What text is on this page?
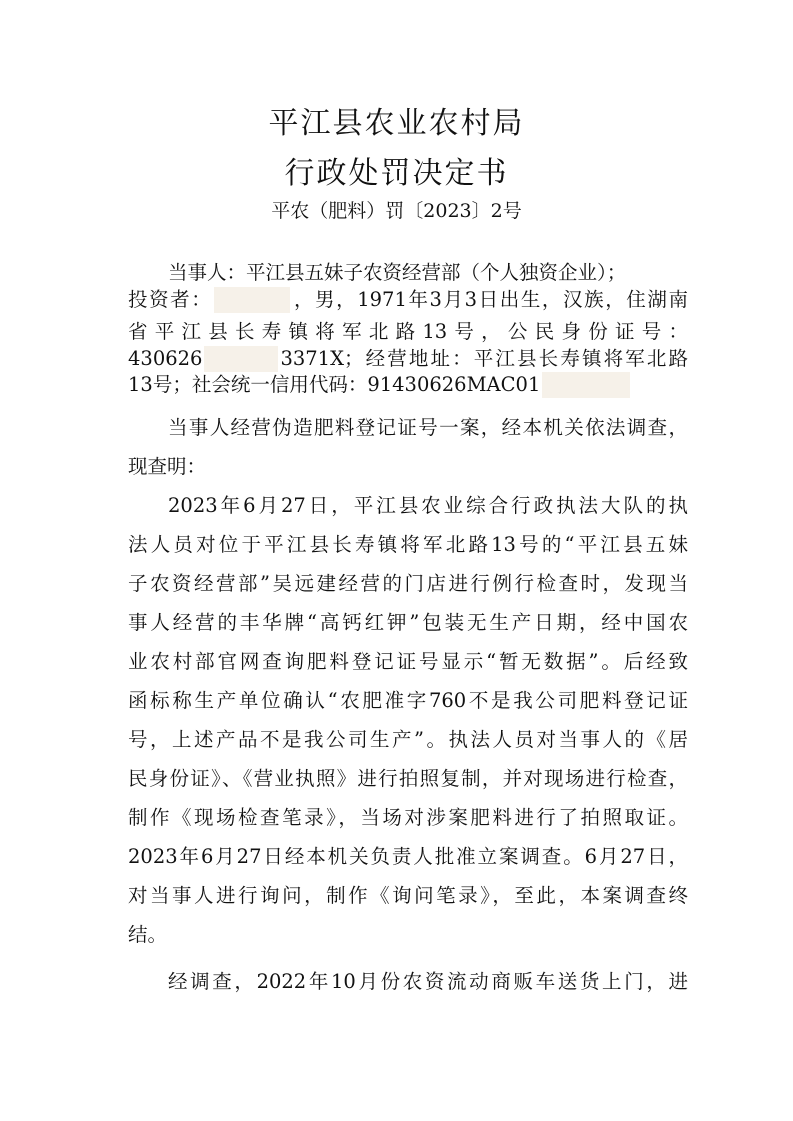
平江县农业农村局
行政处罚决定书
平农（肥料）罚〔2023〕2号
当事人：平江县五妹子农资经营部（个人独资企业）；
投资者：	，男，1971年3月3日出生，汉族，住湖南
省平江县长寿镇将军北路13号，公民身份证号：
430626	3371X；经营地址：平江县长寿镇将军北路
13号；社会统一信用代码：91430626MAC01
当事人经营伪造肥料登记证号一案，经本机关依法调查，
现查明：
2023年6月27日，平江县农业综合行政执法大队的执
法人员对位于平江县长寿镇将军北路13号的“平江县五妹
子农资经营部”吴远建经营的门店进行例行检查时，发现当
事人经营的丰华牌“高钙红钾”包装无生产日期，经中国农
业农村部官网查询肥料登记证号显示“暂无数据”。后经致
函标称生产单位确认“农肥准字760不是我公司肥料登记证
号，上述产品不是我公司生产”。执法人员对当事人的《居
民身份证》、《营业执照》进行拍照复制，并对现场进行检查，
制作《现场检查笔录》，当场对涉案肥料进行了拍照取证。
2023年6月27日经本机关负责人批准立案调查。6月27日，
对当事人进行询问，制作《询问笔录》，至此，本案调查终
结。
经调查，2022年10月份农资流动商贩车送货上门，进
